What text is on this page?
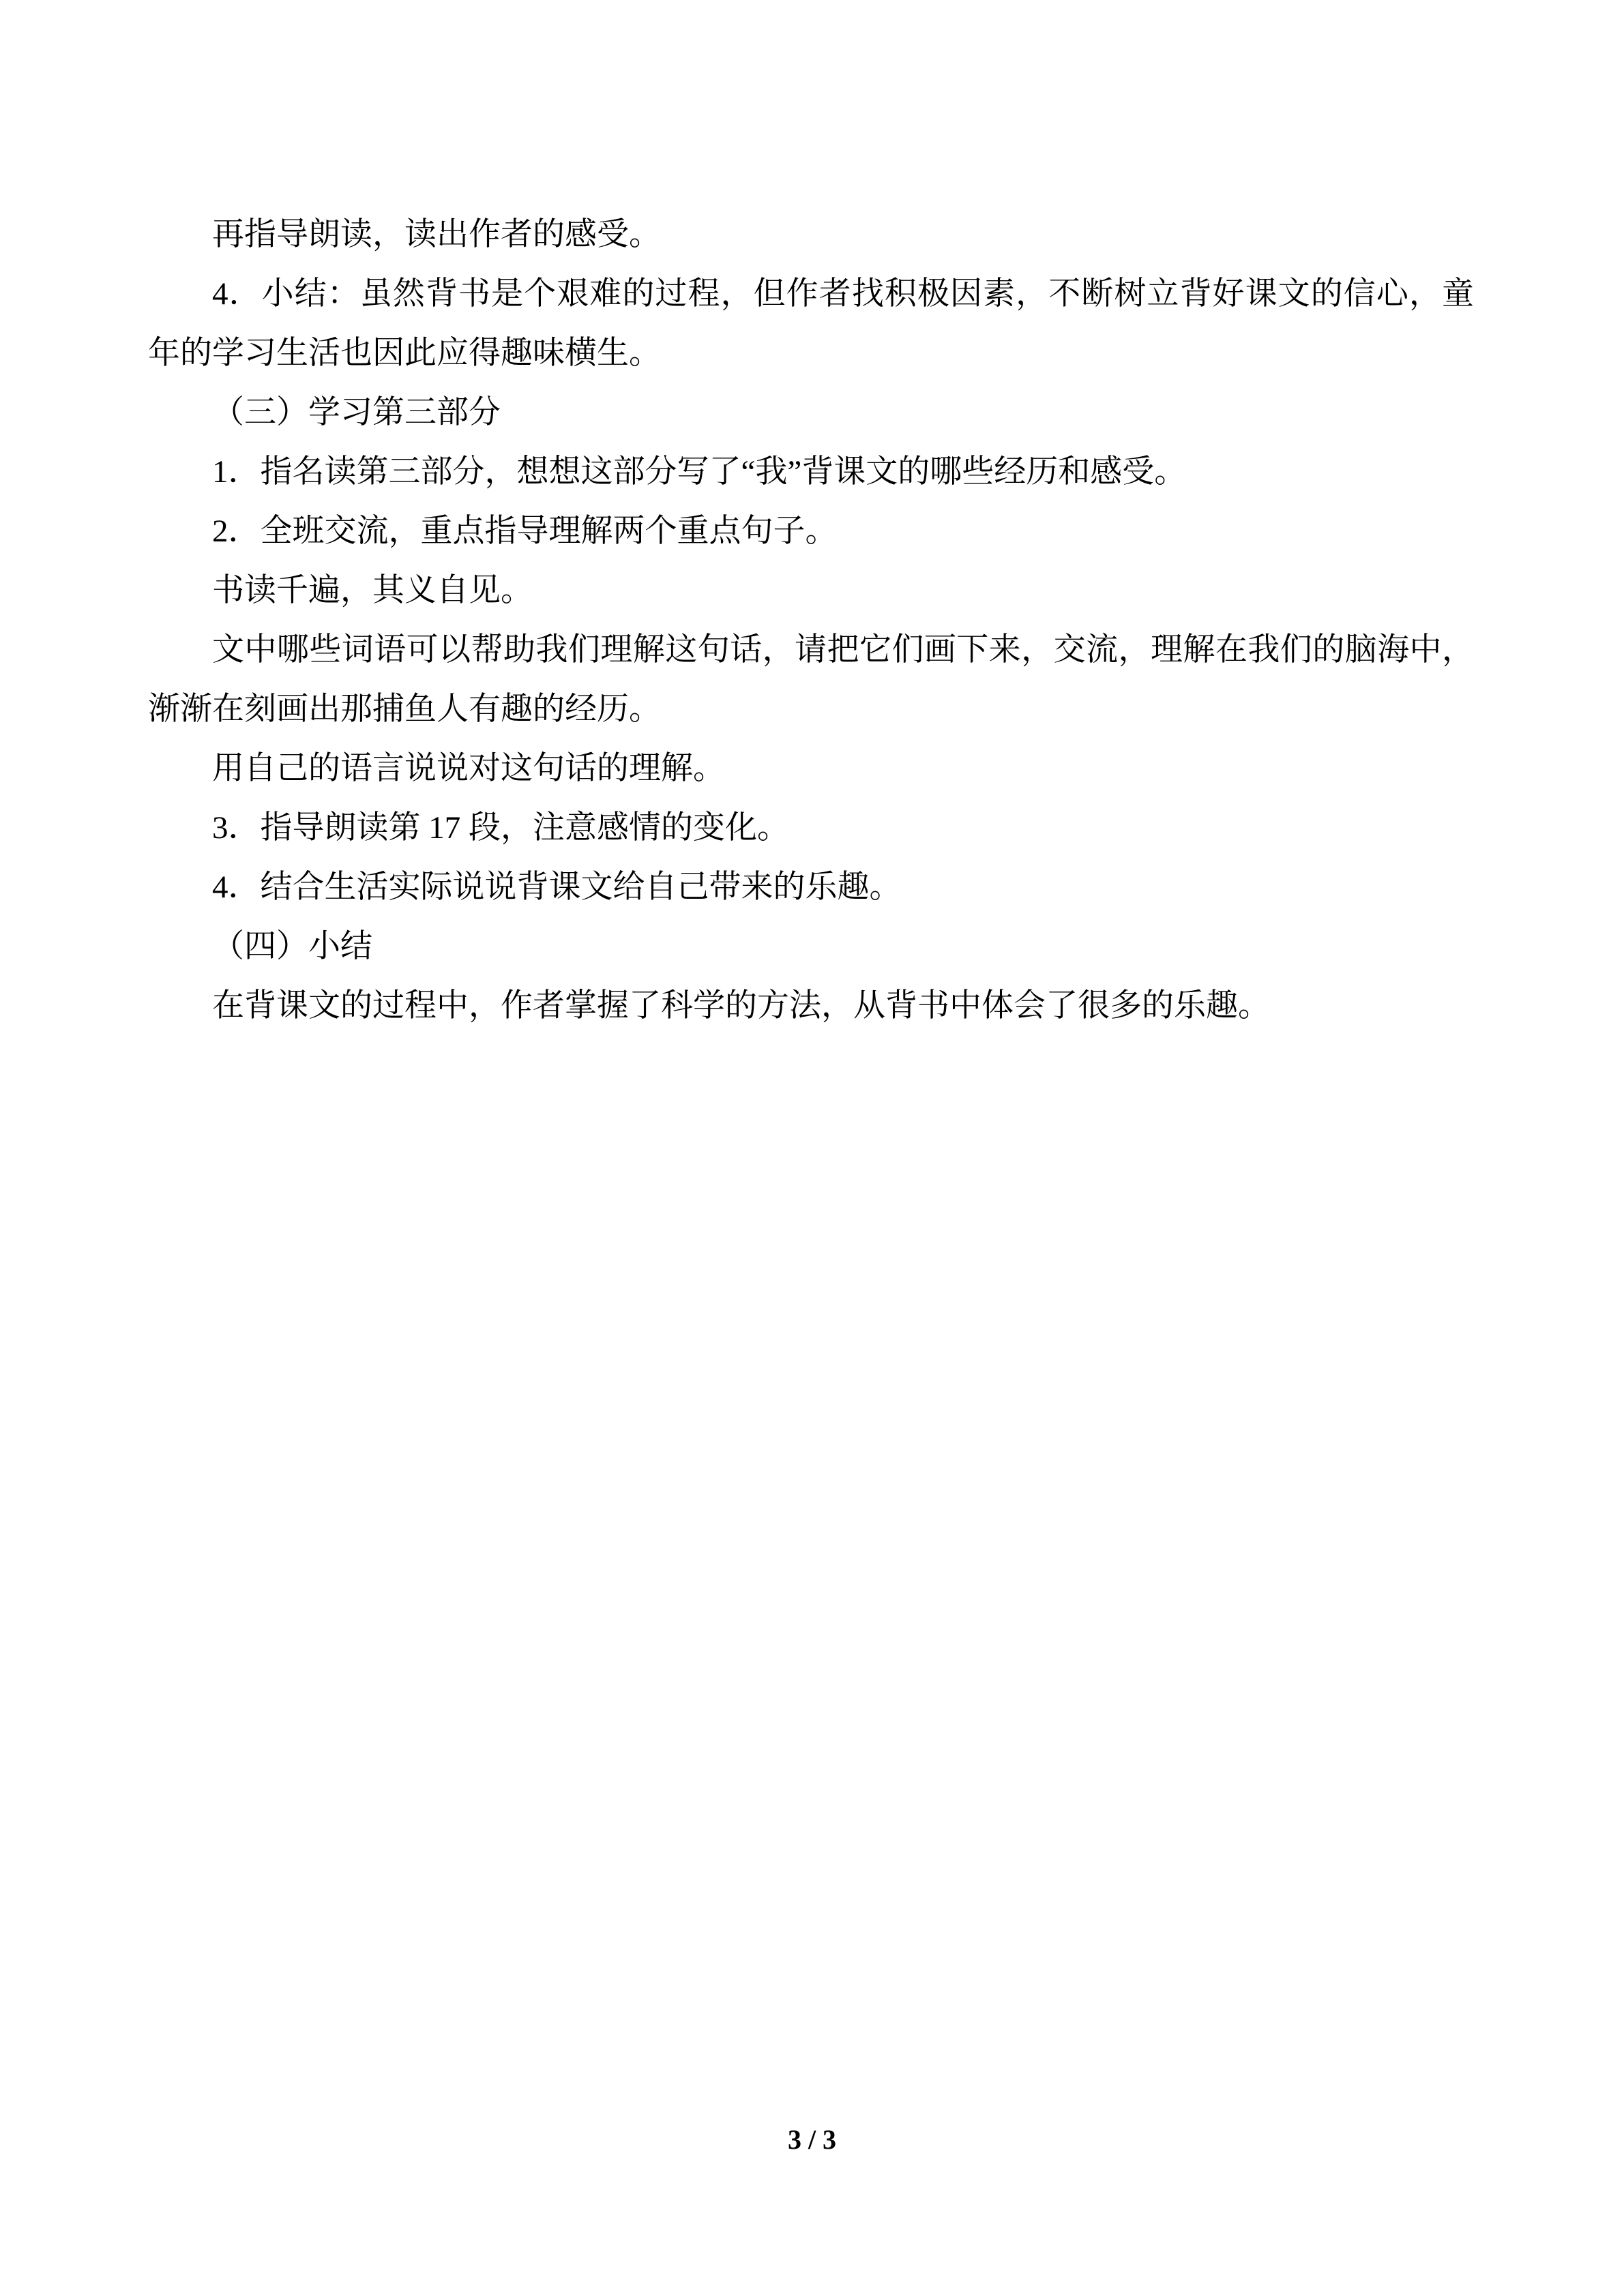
再指导朗读，读出作者的感受。

4．小结：虽然背书是个艰难的过程，但作者找积极因素，不断树立背好课文的信心，童年的学习生活也因此应得趣味横生。

（三）学习第三部分

1．指名读第三部分，想想这部分写了“我”背课文的哪些经历和感受。

2．全班交流，重点指导理解两个重点句子。

书读千遍，其义自见。

文中哪些词语可以帮助我们理解这句话，请把它们画下来，交流，理解在我们的脑海中，渐渐在刻画出那捕鱼人有趣的经历。

用自己的语言说说对这句话的理解。

3．指导朗读第 17 段，注意感情的变化。

4．结合生活实际说说背课文给自己带来的乐趣。

（四）小结

在背课文的过程中，作者掌握了科学的方法，从背书中体会了很多的乐趣。

3 / 3
